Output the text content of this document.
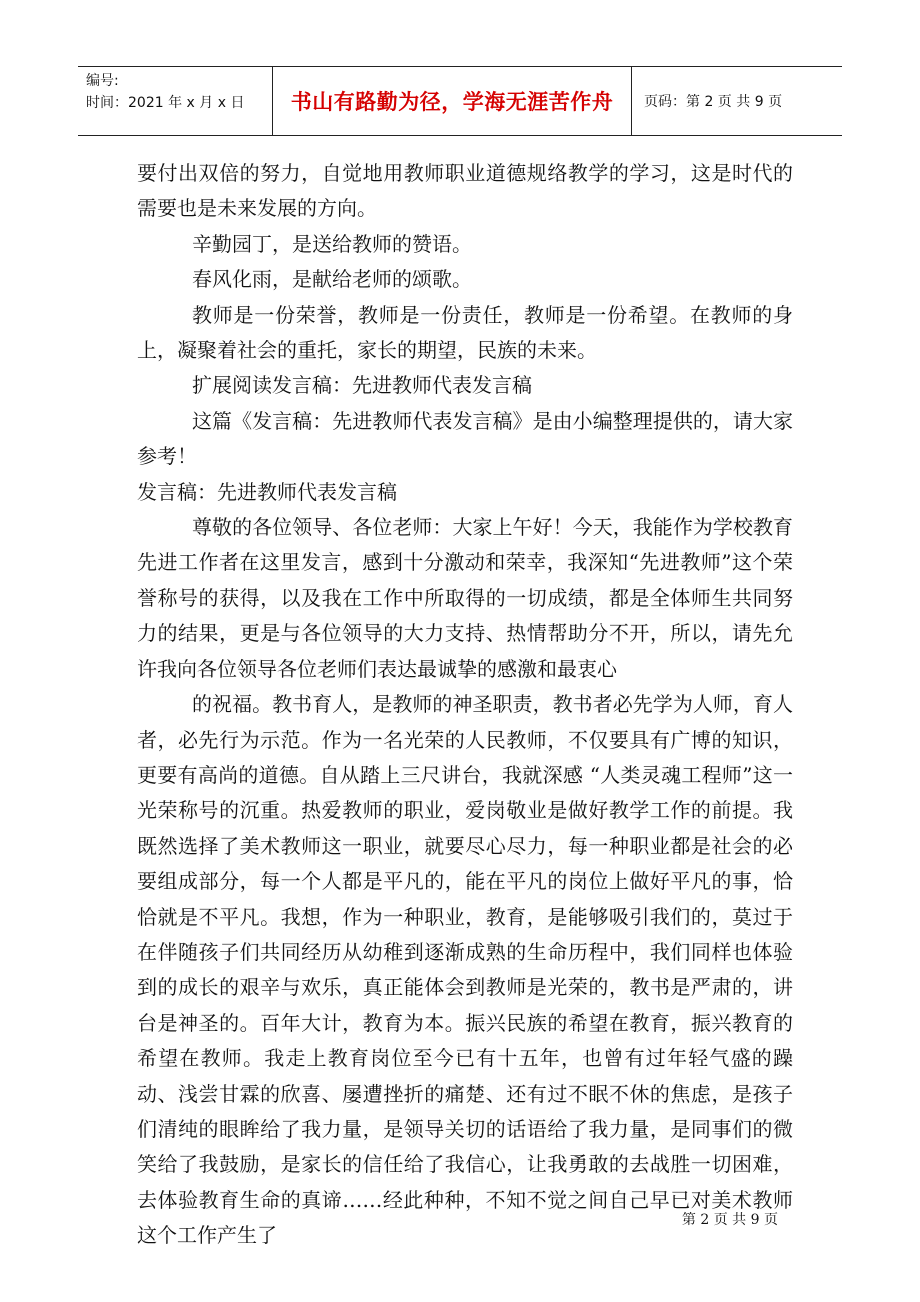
编号:
时间：2021 年 x 月 x 日	书山有路勤为径，学海无涯苦作舟	页码：第 2 页 共 9 页

要付出双倍的努力，自觉地用教师职业道德规络教学的学习，这是时代的需要也是未来发展的方向。

辛勤园丁，是送给教师的赞语。

春风化雨，是献给老师的颂歌。

教师是一份荣誉，教师是一份责任，教师是一份希望。在教师的身上，凝聚着社会的重托，家长的期望，民族的未来。

扩展阅读发言稿：先进教师代表发言稿

这篇《发言稿：先进教师代表发言稿》是由小编整理提供的，请大家参考！

发言稿：先进教师代表发言稿

尊敬的各位领导、各位老师：大家上午好！今天，我能作为学校教育先进工作者在这里发言，感到十分激动和荣幸，我深知“先进教师”这个荣誉称号的获得，以及我在工作中所取得的一切成绩，都是全体师生共同努力的结果，更是与各位领导的大力支持、热情帮助分不开，所以，请先允许我向各位领导各位老师们表达最诚挚的感激和最衷心

的祝福。教书育人，是教师的神圣职责，教书者必先学为人师，育人者，必先行为示范。作为一名光荣的人民教师，不仅要具有广博的知识，更要有高尚的道德。自从踏上三尺讲台，我就深感 “人类灵魂工程师”这一光荣称号的沉重。热爱教师的职业，爱岗敬业是做好教学工作的前提。我既然选择了美术教师这一职业，就要尽心尽力，每一种职业都是社会的必要组成部分，每一个人都是平凡的，能在平凡的岗位上做好平凡的事，恰恰就是不平凡。我想，作为一种职业，教育，是能够吸引我们的，莫过于在伴随孩子们共同经历从幼稚到逐渐成熟的生命历程中，我们同样也体验到的成长的艰辛与欢乐，真正能体会到教师是光荣的，教书是严肃的，讲台是神圣的。百年大计，教育为本。振兴民族的希望在教育，振兴教育的希望在教师。我走上教育岗位至今已有十五年，也曾有过年轻气盛的躁动、浅尝甘霖的欣喜、屡遭挫折的痛楚、还有过不眠不休的焦虑，是孩子们清纯的眼眸给了我力量，是领导关切的话语给了我力量，是同事们的微笑给了我鼓励，是家长的信任给了我信心，让我勇敢的去战胜一切困难，去体验教育生命的真谛……经此种种，不知不觉之间自己早已对美术教师这个工作产生了

第 2 页 共 9 页
